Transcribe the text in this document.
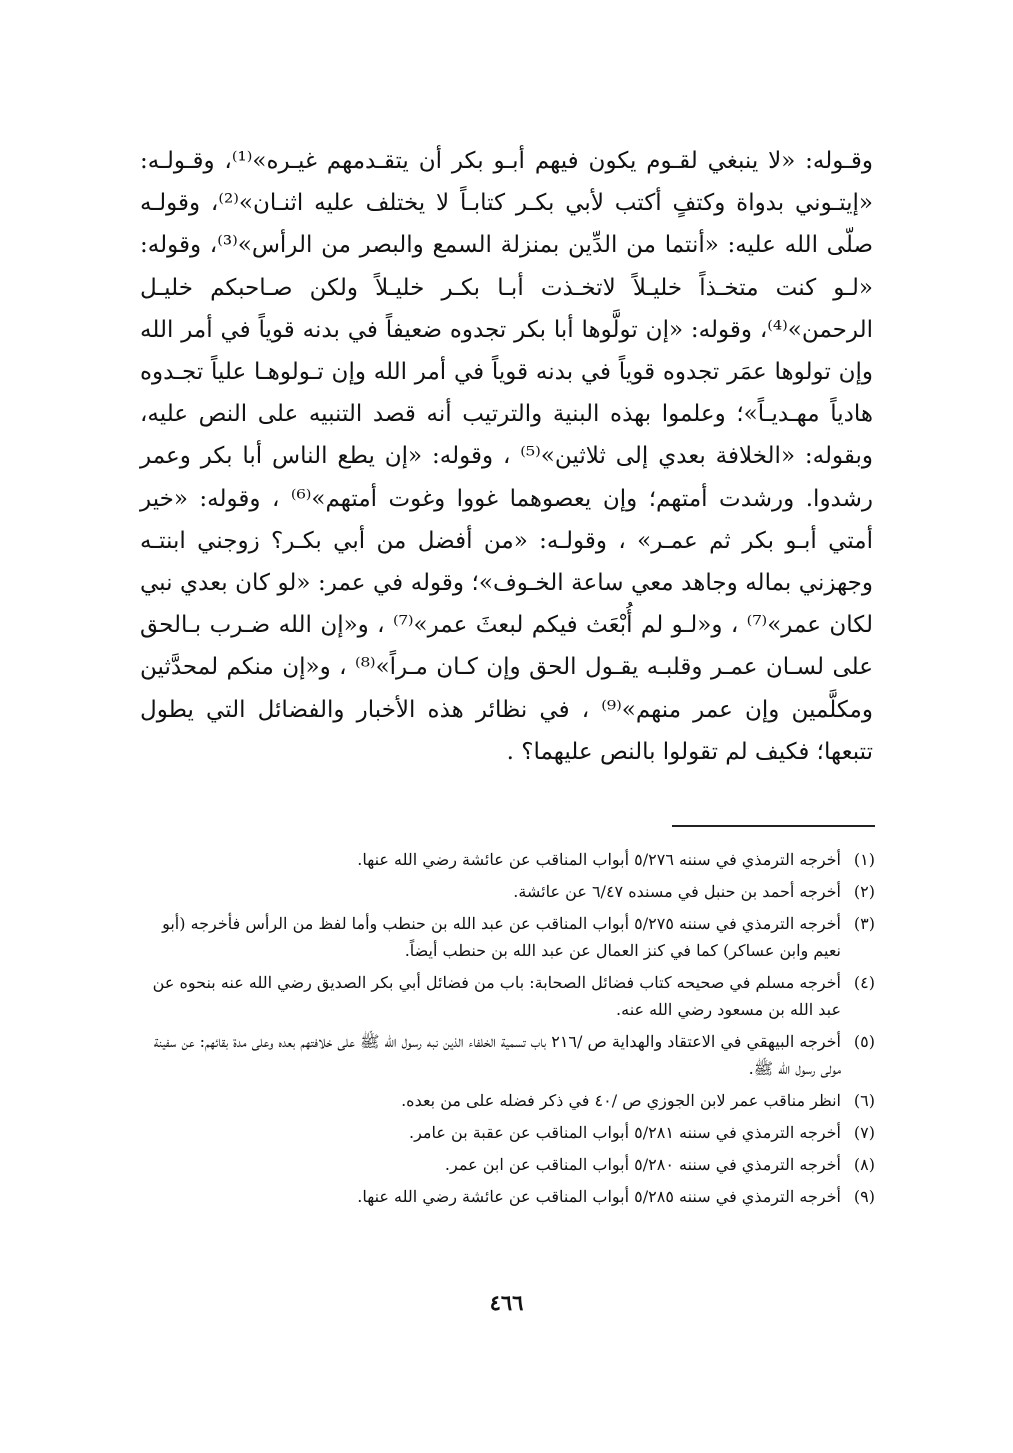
وقـوله: «لا ينبغي لقـوم يكون فيهم أبـو بكر أن يتقـدمهم غيـره»⁽¹⁾، وقـولـه: «إيتـوني بدواة وكتفٍ أكتب لأبي بكـر كتابـاً لا يختلف عليه اثنـان»⁽²⁾، وقولـه صلّى الله عليه: «أنتما من الدِّين بمنزلة السمع والبصر من الرأس»⁽³⁾، وقوله: «لـو كنت متخـذاً خليـلاً لاتخـذت أبـا بكـر خليـلاً ولكن صـاحبكم خليـل الرحمن»⁽⁴⁾، وقوله: «إن تولَّوها أبا بكر تجدوه ضعيفاً في بدنه قوياً في أمر الله وإن تولوها عمَر تجدوه قوياً في بدنه قوياً في أمر الله وإن تـولوهـا علياً تجـدوه هادياً مهـديـاً»؛ وعلموا بهذه البنية والترتيب أنه قصد التنبيه على النص عليه، وبقوله: «الخلافة بعدي إلى ثلاثين»⁽⁵⁾ ، وقوله: «إن يطع الناس أبا بكر وعمر رشدوا. ورشدت أمتهم؛ وإن يعصوهما غووا وغوت أمتهم»⁽⁶⁾ ، وقوله: «خير أمتي أبـو بكر ثم عمـر» ، وقولـه: «من أفضل من أبي بكـر؟ زوجني ابنتـه وجهزني بماله وجاهد معي ساعة الخـوف»؛ وقوله في عمر: «لو كان بعدي نبي لكان عمر»⁽⁷⁾ ، و«لـو لم أُبْعَث فيكم لبعثَ عمر»⁽⁷⁾ ، و«إن الله ضـرب بـالحق على لسـان عمـر وقلبـه يقـول الحق وإن كـان مـراً»⁽⁸⁾ ، و«إن منكم لمحدَّثين ومكلَّمين وإن عمر منهم»⁽⁹⁾ ، في نظائر هذه الأخبار والفضائل التي يطول تتبعها؛ فكيف لم تقولوا بالنص عليهما؟ .

(١)
أخرجه الترمذي في سننه ٥/٢٧٦ أبواب المناقب عن عائشة رضي الله عنها.
(٢)
أخرجه أحمد بن حنبل في مسنده ٦/٤٧ عن عائشة.
(٣)
أخرجه الترمذي في سننه ٥/٢٧٥ أبواب المناقب عن عبد الله بن حنطب وأما لفظ من الرأس فأخرجه (أبو نعيم وابن عساكر) كما في كنز العمال عن عبد الله بن حنطب أيضاً.
(٤)
أخرجه مسلم في صحيحه كتاب فضائل الصحابة: باب من فضائل أبي بكر الصديق رضي الله عنه بنحوه عن عبد الله بن مسعود رضي الله عنه.
(٥)
أخرجه البيهقي في الاعتقاد والهداية ص /٢١٦ باب تسمية الخلفاء الذين نبه رسول الله ﷺ على خلافتهم بعده وعلى مدة بقائهم: عن سفينة مولى رسول الله ﷺ.
(٦)
انظر مناقب عمر لابن الجوزي ص /٤٠ في ذكر فضله على من بعده.
(٧)
أخرجه الترمذي في سننه ٥/٢٨١ أبواب المناقب عن عقبة بن عامر.
(٨)
أخرجه الترمذي في سننه ٥/٢٨٠ أبواب المناقب عن ابن عمر.
(٩)
أخرجه الترمذي في سننه ٥/٢٨٥ أبواب المناقب عن عائشة رضي الله عنها.
٤٦٦
